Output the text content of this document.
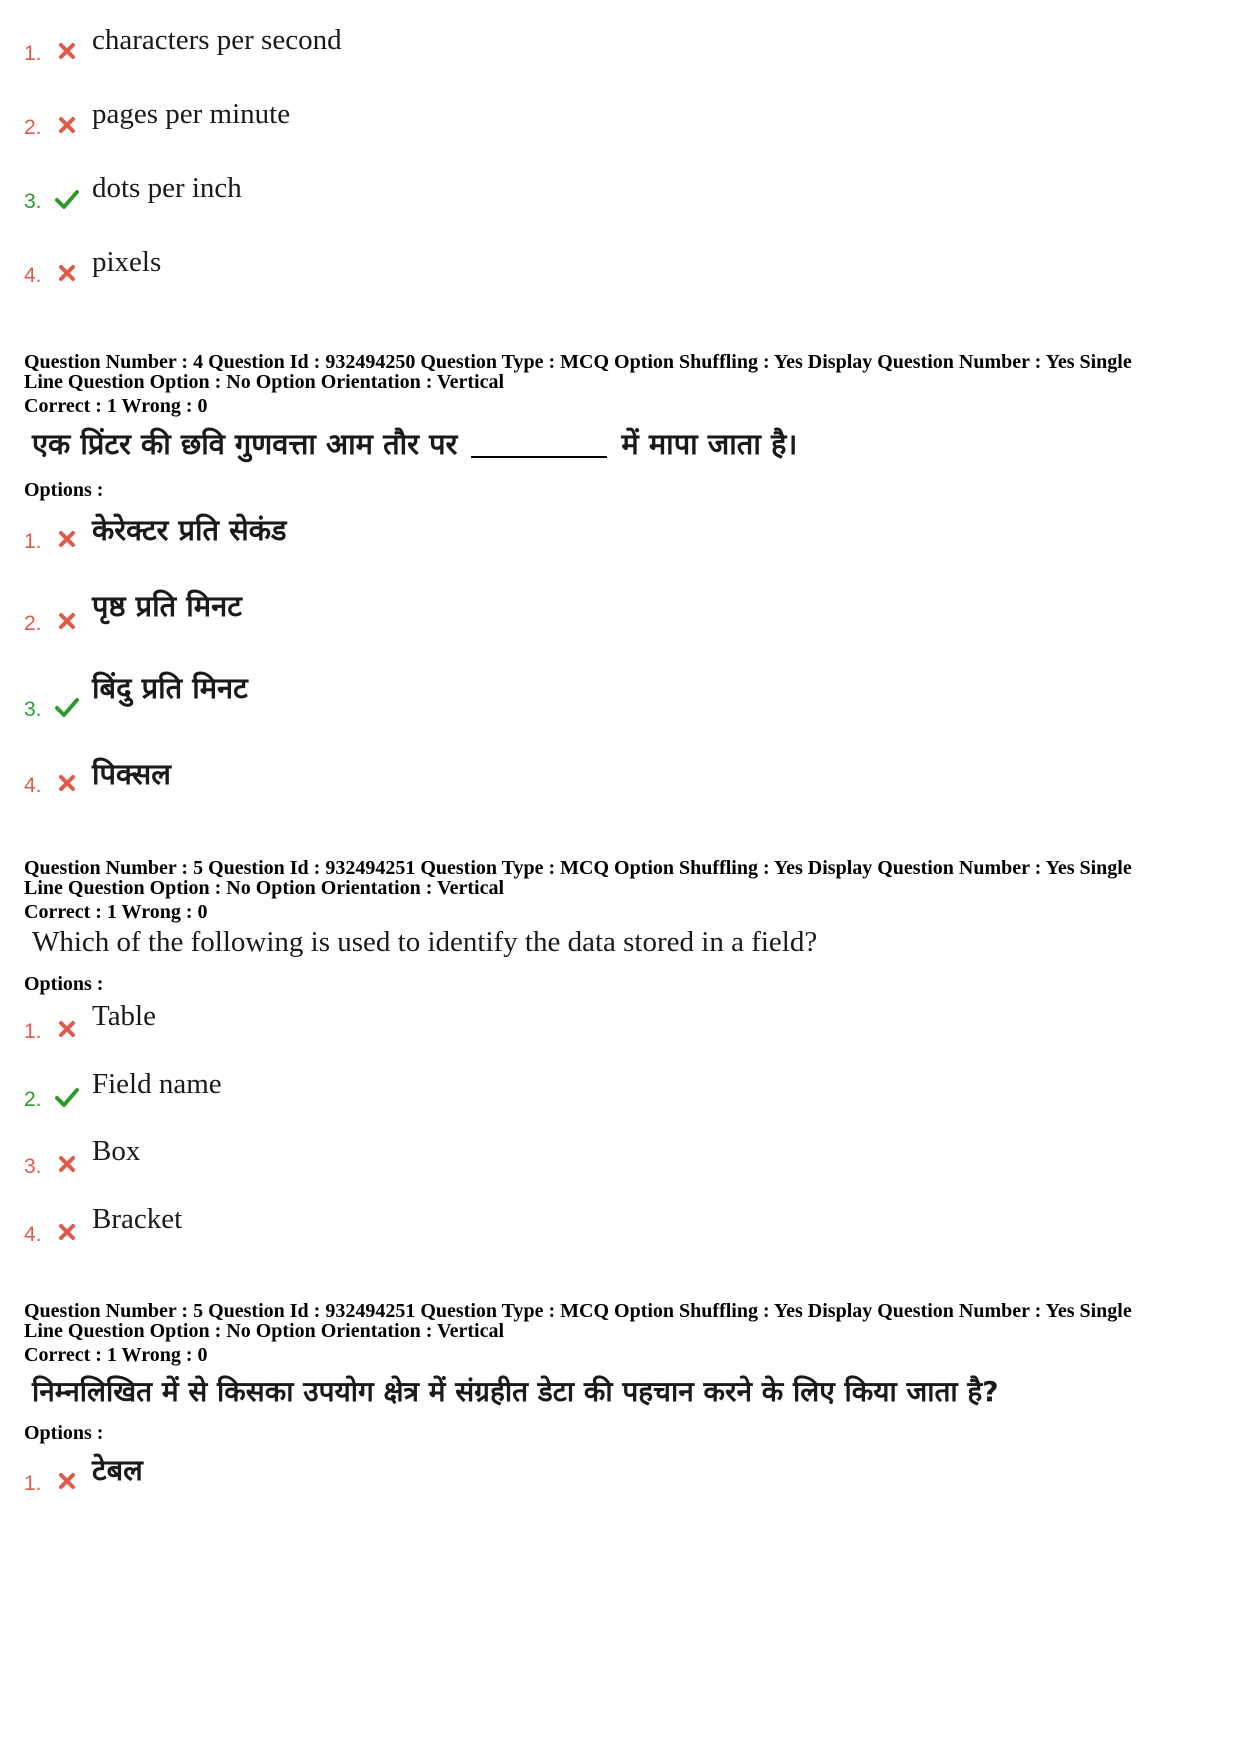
1. characters per second
2. pages per minute
3. dots per inch
4. pixels
Question Number : 4 Question Id : 932494250 Question Type : MCQ Option Shuffling : Yes Display Question Number : Yes Single
Line Question Option : No Option Orientation : Vertical
Correct : 1 Wrong : 0
एक प्रिंटर की छवि गुणवत्ता आम तौर पर	में मापा जाता है।
Options :
1. केरेक्टर प्रति सेकंड
2.
पृष्ठ प्रति मिनट
3.
बिंदु प्रति मिनट
4. पिक्सल
Question Number : 5 Question Id : 932494251 Question Type : MCQ Option Shuffling : Yes Display Question Number : Yes Single
Line Question Option : No Option Orientation : Vertical
Correct : 1 Wrong : 0
Which of the following is used to identify the data stored in a field?
Options :
1. Table
2. Field name
3. Box
4. Bracket
Question Number : 5 Question Id : 932494251 Question Type : MCQ Option Shuffling : Yes Display Question Number : Yes Single
Line Question Option : No Option Orientation : Vertical
Correct : 1 Wrong : 0
निम्नलिखित में से किसका उपयोग क्षेत्र में संग्रहीत डेटा की पहचान करने के लिए किया जाता है?
Options :
1. टेबल
